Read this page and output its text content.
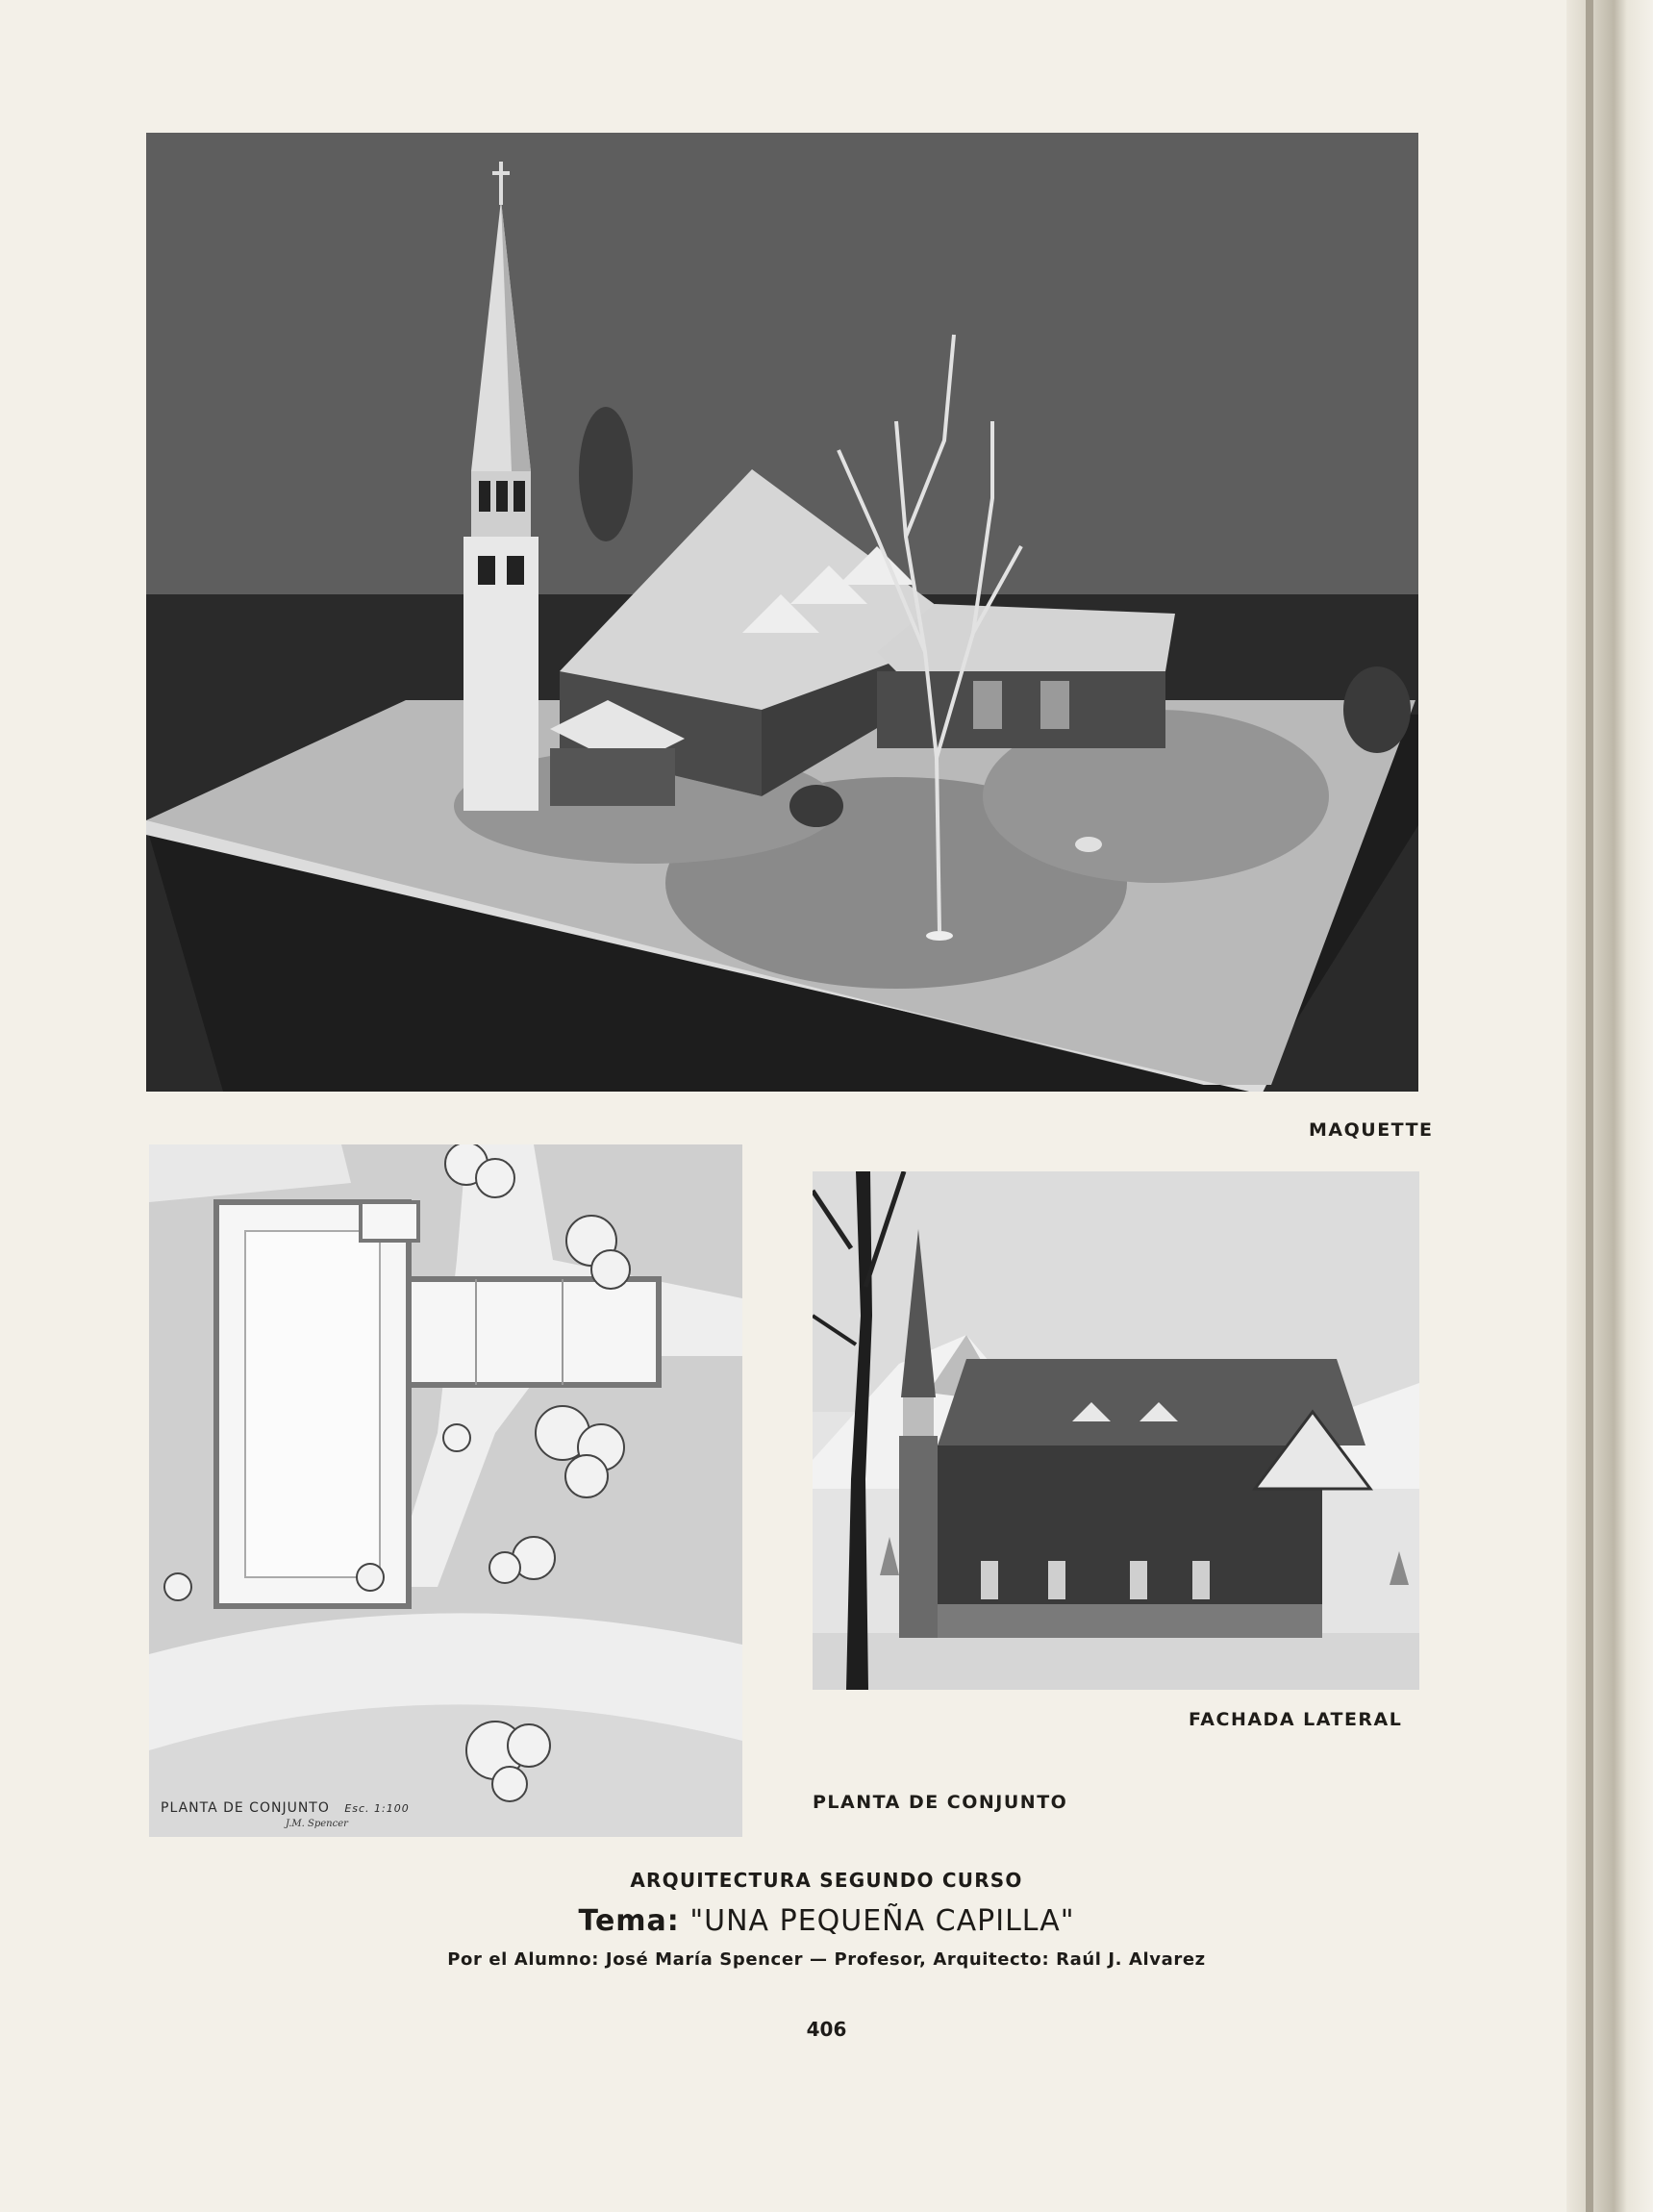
PLANTA DE CONJUNTO Esc. 1:100
J.M. Spencer
MAQUETTE
FACHADA LATERAL
PLANTA DE CONJUNTO
ARQUITECTURA SEGUNDO CURSO
Tema: "UNA PEQUEÑA CAPILLA"
Por el Alumno: José María Spencer — Profesor, Arquitecto: Raúl J. Alvarez
406
